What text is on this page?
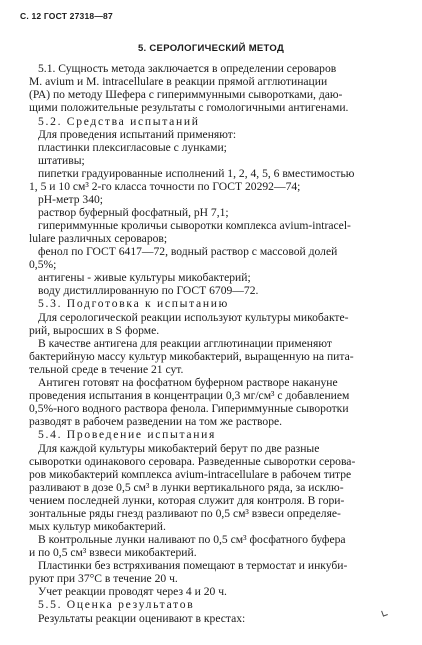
С. 12 ГОСТ 27318—87
5. СЕРОЛОГИЧЕСКИЙ МЕТОД
5.1. Сущность метода заключается в определении сероваров
M. avium и M. intracellulare в реакции прямой агглютинации
(РА) по методу Шефера с гипериммунными сыворотками, даю-
щими положительные результаты с гомологичными антигенами.
5.2. Средства испытаний
Для проведения испытаний применяют:
пластинки плексигласовые с лунками;
штативы;
пипетки градуированные исполнений 1, 2, 4, 5, 6 вместимостью
1, 5 и 10 см³ 2-го класса точности по ГОСТ 20292—74;
pH-метр 340;
раствор буферный фосфатный, pH 7,1;
гипериммунные кроличьи сыворотки комплекса avium-intracel-
lulare различных сероваров;
фенол по ГОСТ 6417—72, водный раствор с массовой долей
0,5%;
антигены - живые культуры микобактерий;
воду дистиллированную по ГОСТ 6709—72.
5.3. Подготовка к испытанию
Для серологической реакции используют культуры микобакте-
рий, выросших в S форме.
В качестве антигена для реакции агглютинации применяют
бактерийную массу культур микобактерий, выращенную на пита-
тельной среде в течение 21 сут.
Антиген готовят на фосфатном буферном растворе накануне
проведения испытания в концентрации 0,3 мг/см³ с добавлением
0,5%-ного водного раствора фенола. Гипериммунные сыворотки
разводят в рабочем разведении на том же растворе.
5.4. Проведение испытания
Для каждой культуры микобактерий берут по две разные
сыворотки одинакового серовара. Разведенные сыворотки серова-
ров микобактерий комплекса avium-intracellulare в рабочем титре
разливают в дозе 0,5 см³ в лунки вертикального ряда, за исклю-
чением последней лунки, которая служит для контроля. В гори-
зонтальные ряды гнезд разливают по 0,5 см³ взвеси определяе-
мых культур микобактерий.
В контрольные лунки наливают по 0,5 см³ фосфатного буфера
и по 0,5 см³ взвеси микобактерий.
Пластинки без встряхивания помещают в термостат и инкуби-
руют при 37°С в течение 20 ч.
Учет реакции проводят через 4 и 20 ч.
5.5. Оценка результатов
Результаты реакции оценивают в крестах:
